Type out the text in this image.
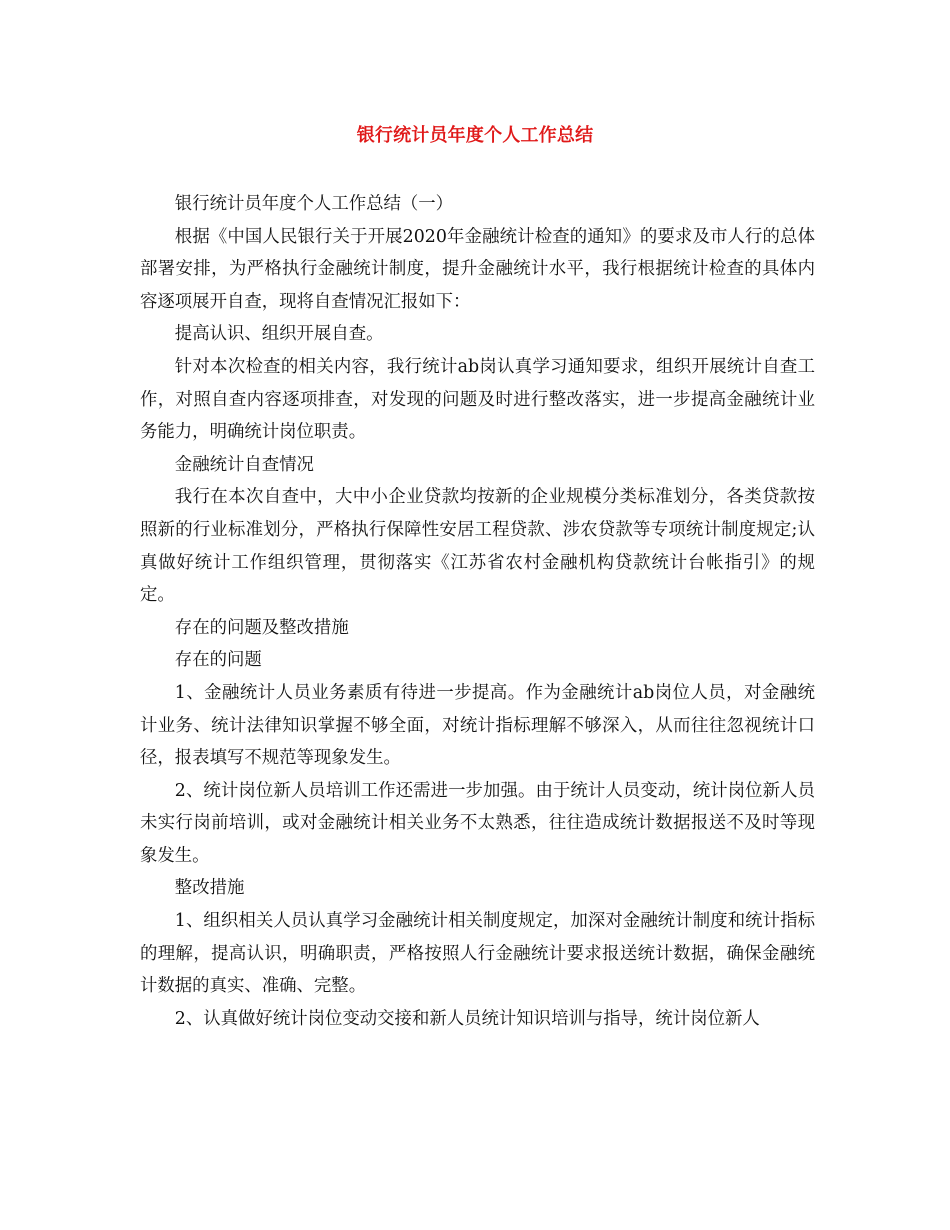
银行统计员年度个人工作总结

银行统计员年度个人工作总结（一）

根据《中国人民银行关于开展2020年金融统计检查的通知》的要求及市人行的总体部署安排，为严格执行金融统计制度，提升金融统计水平，我行根据统计检查的具体内容逐项展开自查，现将自查情况汇报如下：

提高认识、组织开展自查。

针对本次检查的相关内容，我行统计ab岗认真学习通知要求，组织开展统计自查工作，对照自查内容逐项排查，对发现的问题及时进行整改落实，进一步提高金融统计业务能力，明确统计岗位职责。

金融统计自查情况

我行在本次自查中，大中小企业贷款均按新的企业规模分类标准划分，各类贷款按照新的行业标准划分，严格执行保障性安居工程贷款、涉农贷款等专项统计制度规定;认真做好统计工作组织管理，贯彻落实《江苏省农村金融机构贷款统计台帐指引》的规定。

存在的问题及整改措施

存在的问题

1、金融统计人员业务素质有待进一步提高。作为金融统计ab岗位人员，对金融统计业务、统计法律知识掌握不够全面，对统计指标理解不够深入，从而往往忽视统计口径，报表填写不规范等现象发生。

2、统计岗位新人员培训工作还需进一步加强。由于统计人员变动，统计岗位新人员未实行岗前培训，或对金融统计相关业务不太熟悉，往往造成统计数据报送不及时等现象发生。

整改措施

1、组织相关人员认真学习金融统计相关制度规定，加深对金融统计制度和统计指标的理解，提高认识，明确职责，严格按照人行金融统计要求报送统计数据，确保金融统计数据的真实、准确、完整。

2、认真做好统计岗位变动交接和新人员统计知识培训与指导，统计岗位新人
